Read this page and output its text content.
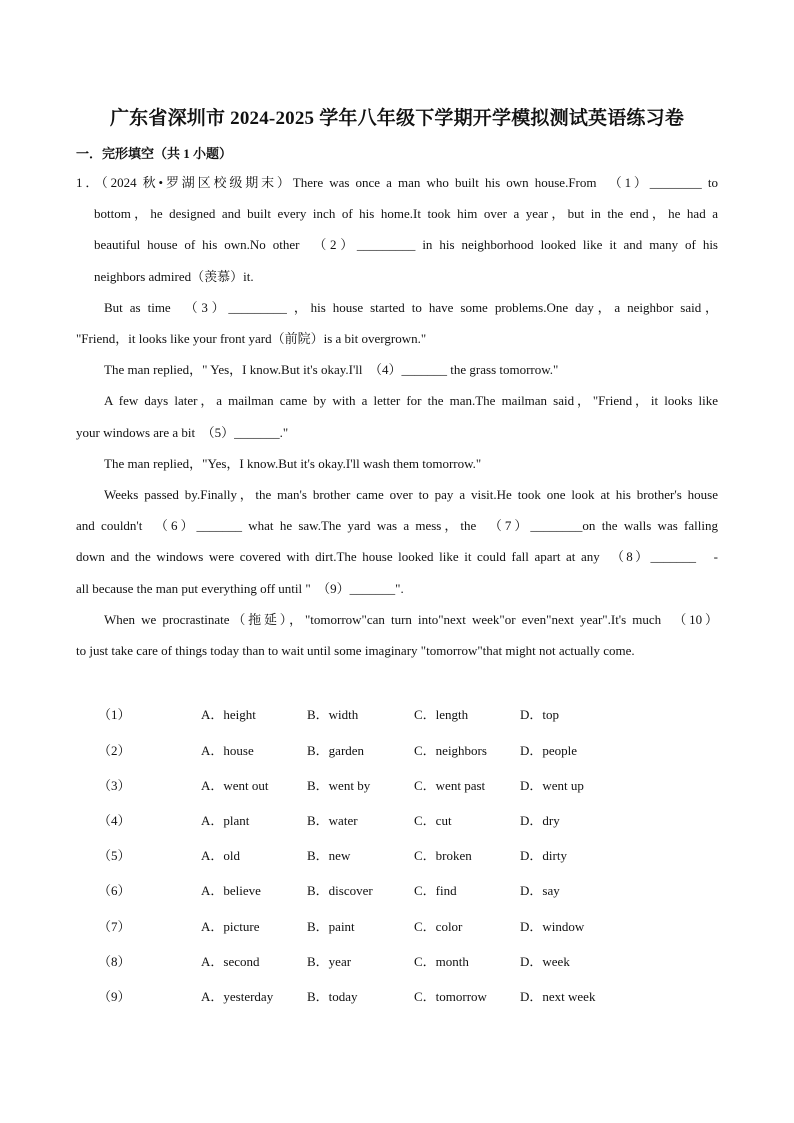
广东省深圳市 2024-2025 学年八年级下学期开学模拟测试英语练习卷
一．完形填空（共 1 小题）
1．（2024 秋•罗湖区校级期末）There was once a man who built his own house.From　（1）________ to
bottom，he designed and built every inch of his home.It took him over a year，but in the end，he had a
beautiful house of his own.No other　（2）_________ in his neighborhood looked like it and many of his
neighbors admired（羡慕）it.
But as time　（3）_________ ，his house started to have some problems.One day，a neighbor said，
"Friend，it looks like your front yard（前院）is a bit overgrown."
The man replied，" Yes，I know.But it's okay.I'll　（4）_______ the grass tomorrow."
A few days later，a mailman came by with a letter for the man.The mailman said，"Friend，it looks like
your windows are a bit　（5）_______."
The man replied，"Yes，I know.But it's okay.I'll wash them tomorrow."
Weeks passed by.Finally，the man's brother came over to pay a visit.He took one look at his brother's house
and couldn't　（6）_______ what he saw.The yard was a mess，the　（7）________on the walls was falling
down and the windows were covered with dirt.The house looked like it could fall apart at any　（8）_______　-
all because the man put everything off until "　（9）_______".
When we procrastinate（拖延），"tomorrow"can turn into"next week"or even"next year".It's much　（10）
to just take care of things today than to wait until some imaginary "tomorrow"that might not actually come.
（1）	A．height	B．width	C．length	D．top
（2）	A．house	B．garden	C．neighbors	D．people
（3）	A．went out	B．went by	C．went past	D．went up
（4）	A．plant	B．water	C．cut	D．dry
（5）	A．old	B．new	C．broken	D．dirty
（6）	A．believe	B．discover	C．find	D．say
（7）	A．picture	B．paint	C．color	D．window
（8）	A．second	B．year	C．month	D．week
（9）	A．yesterday	B．today	C．tomorrow	D．next week
